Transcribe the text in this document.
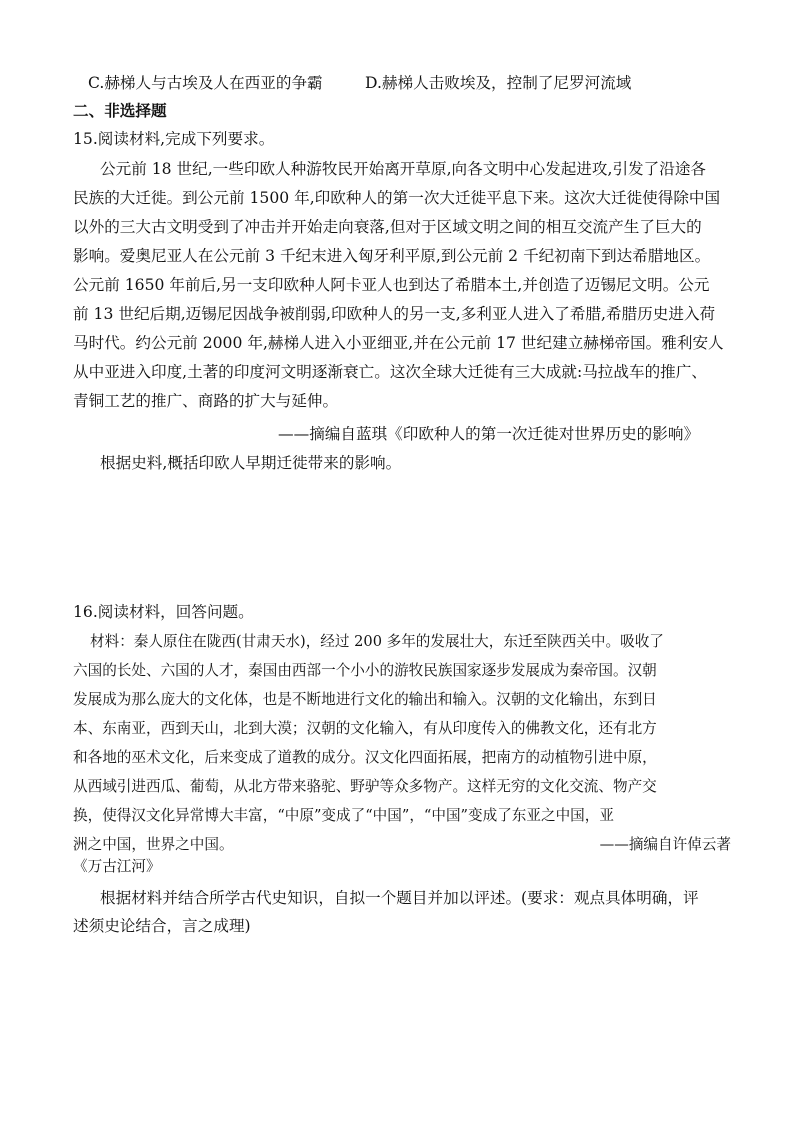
C.赫梯人与古埃及人在西亚的争霸	D.赫梯人击败埃及，控制了尼罗河流域
二、非选择题
15.阅读材料,完成下列要求。
公元前 18 世纪,一些印欧人种游牧民开始离开草原,向各文明中心发起进攻,引发了沿途各
民族的大迁徙。到公元前 1500 年,印欧种人的第一次大迁徙平息下来。这次大迁徙使得除中国
以外的三大古文明受到了冲击并开始走向衰落,但对于区域文明之间的相互交流产生了巨大的
影响。爱奥尼亚人在公元前 3 千纪末进入匈牙利平原,到公元前 2 千纪初南下到达希腊地区。
公元前 1650 年前后,另一支印欧种人阿卡亚人也到达了希腊本土,并创造了迈锡尼文明。公元
前 13 世纪后期,迈锡尼因战争被削弱,印欧种人的另一支,多利亚人进入了希腊,希腊历史进入荷
马时代。约公元前 2000 年,赫梯人进入小亚细亚,并在公元前 17 世纪建立赫梯帝国。雅利安人
从中亚进入印度,土著的印度河文明逐渐衰亡。这次全球大迁徙有三大成就:马拉战车的推广、
青铜工艺的推广、商路的扩大与延伸。
——摘编自蓝琪《印欧种人的第一次迁徙对世界历史的影响》
根据史料,概括印欧人早期迁徙带来的影响。
16.阅读材料，回答问题。
材料：秦人原住在陇西(甘肃天水)，经过 200 多年的发展壮大，东迁至陕西关中。吸收了
六国的长处、六国的人才，秦国由西部一个小小的游牧民族国家逐步发展成为秦帝国。汉朝
发展成为那么庞大的文化体，也是不断地进行文化的输出和输入。汉朝的文化输出，东到日
本、东南亚，西到天山，北到大漠；汉朝的文化输入，有从印度传入的佛教文化，还有北方
和各地的巫术文化，后来变成了道教的成分。汉文化四面拓展，把南方的动植物引进中原，
从西域引进西瓜、葡萄，从北方带来骆驼、野驴等众多物产。这样无穷的文化交流、物产交
换，使得汉文化异常博大丰富，“中原”变成了“中国”，“中国”变成了东亚之中国，亚
洲之中国，世界之中国。	——摘编自许倬云著
《万古江河》
根据材料并结合所学古代史知识，自拟一个题目并加以评述。(要求：观点具体明确，评
述须史论结合，言之成理)
